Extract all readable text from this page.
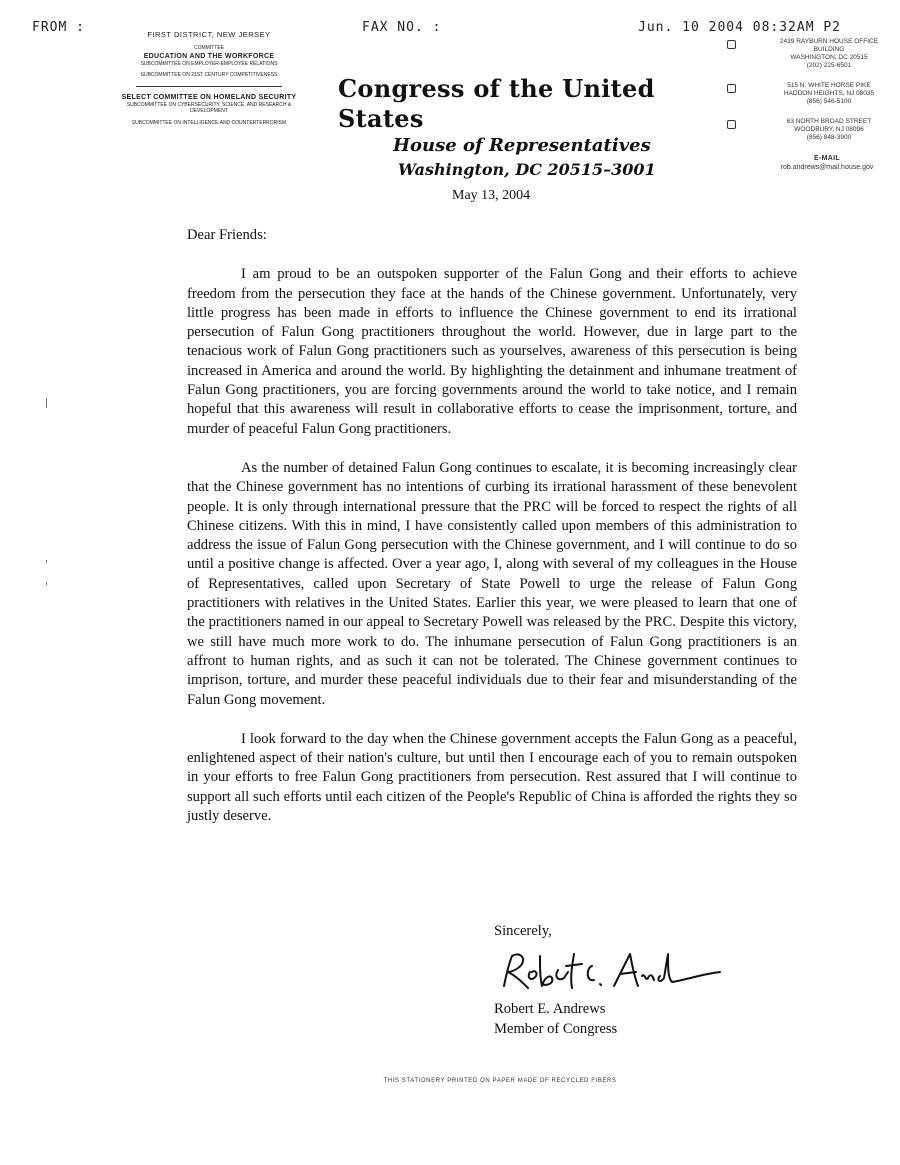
FROM :	FAX NO. :	Jun. 10 2004 08:32AM P2
FIRST DISTRICT, NEW JERSEY
COMMITTEE
EDUCATION AND THE WORKFORCE
SUBCOMMITTEE ON EMPLOYER-EMPLOYEE RELATIONS
SUBCOMMITTEE ON 21ST CENTURY COMPETITIVENESS
SELECT COMMITTEE ON HOMELAND SECURITY
SUBCOMMITTEE ON CYBERSECURITY, SCIENCE, AND RESEARCH & DEVELOPMENT
SUBCOMMITTEE ON INTELLIGENCE AND COUNTERTERRORISM
Congress of the United States
House of Representatives
Washington, DC 20515–3001
May 13, 2004
2439 RAYBURN HOUSE OFFICE BUILDING
WASHINGTON, DC 20515
(202) 225-6501
515 N. WHITE HORSE PIKE
HADDON HEIGHTS, NJ 08035
(856) 546-5100
63 NORTH BROAD STREET
WOODBURY, NJ 08096
(856) 848-3900
E-MAIL
rob.andrews@mail.house.gov

Dear Friends:

I am proud to be an outspoken supporter of the Falun Gong and their efforts to achieve freedom from the persecution they face at the hands of the Chinese government. Unfortunately, very little progress has been made in efforts to influence the Chinese government to end its irrational persecution of Falun Gong practitioners throughout the world. However, due in large part to the tenacious work of Falun Gong practitioners such as yourselves, awareness of this persecution is being increased in America and around the world. By highlighting the detainment and inhumane treatment of Falun Gong practitioners, you are forcing governments around the world to take notice, and I remain hopeful that this awareness will result in collaborative efforts to cease the imprisonment, torture, and murder of peaceful Falun Gong practitioners.

As the number of detained Falun Gong continues to escalate, it is becoming increasingly clear that the Chinese government has no intentions of curbing its irrational harassment of these benevolent people. It is only through international pressure that the PRC will be forced to respect the rights of all Chinese citizens. With this in mind, I have consistently called upon members of this administration to address the issue of Falun Gong persecution with the Chinese government, and I will continue to do so until a positive change is affected. Over a year ago, I, along with several of my colleagues in the House of Representatives, called upon Secretary of State Powell to urge the release of Falun Gong practitioners with relatives in the United States. Earlier this year, we were pleased to learn that one of the practitioners named in our appeal to Secretary Powell was released by the PRC. Despite this victory, we still have much more work to do. The inhumane persecution of Falun Gong practitioners is an affront to human rights, and as such it can not be tolerated. The Chinese government continues to imprison, torture, and murder these peaceful individuals due to their fear and misunderstanding of the Falun Gong movement.

I look forward to the day when the Chinese government accepts the Falun Gong as a peaceful, enlightened aspect of their nation's culture, but until then I encourage each of you to remain outspoken in your efforts to free Falun Gong practitioners from persecution. Rest assured that I will continue to support all such efforts until each citizen of the People's Republic of China is afforded the rights they so justly deserve.

Sincerely,
Robert E. Andrews
Member of Congress
THIS STATIONERY PRINTED ON PAPER MADE OF RECYCLED FIBERS
